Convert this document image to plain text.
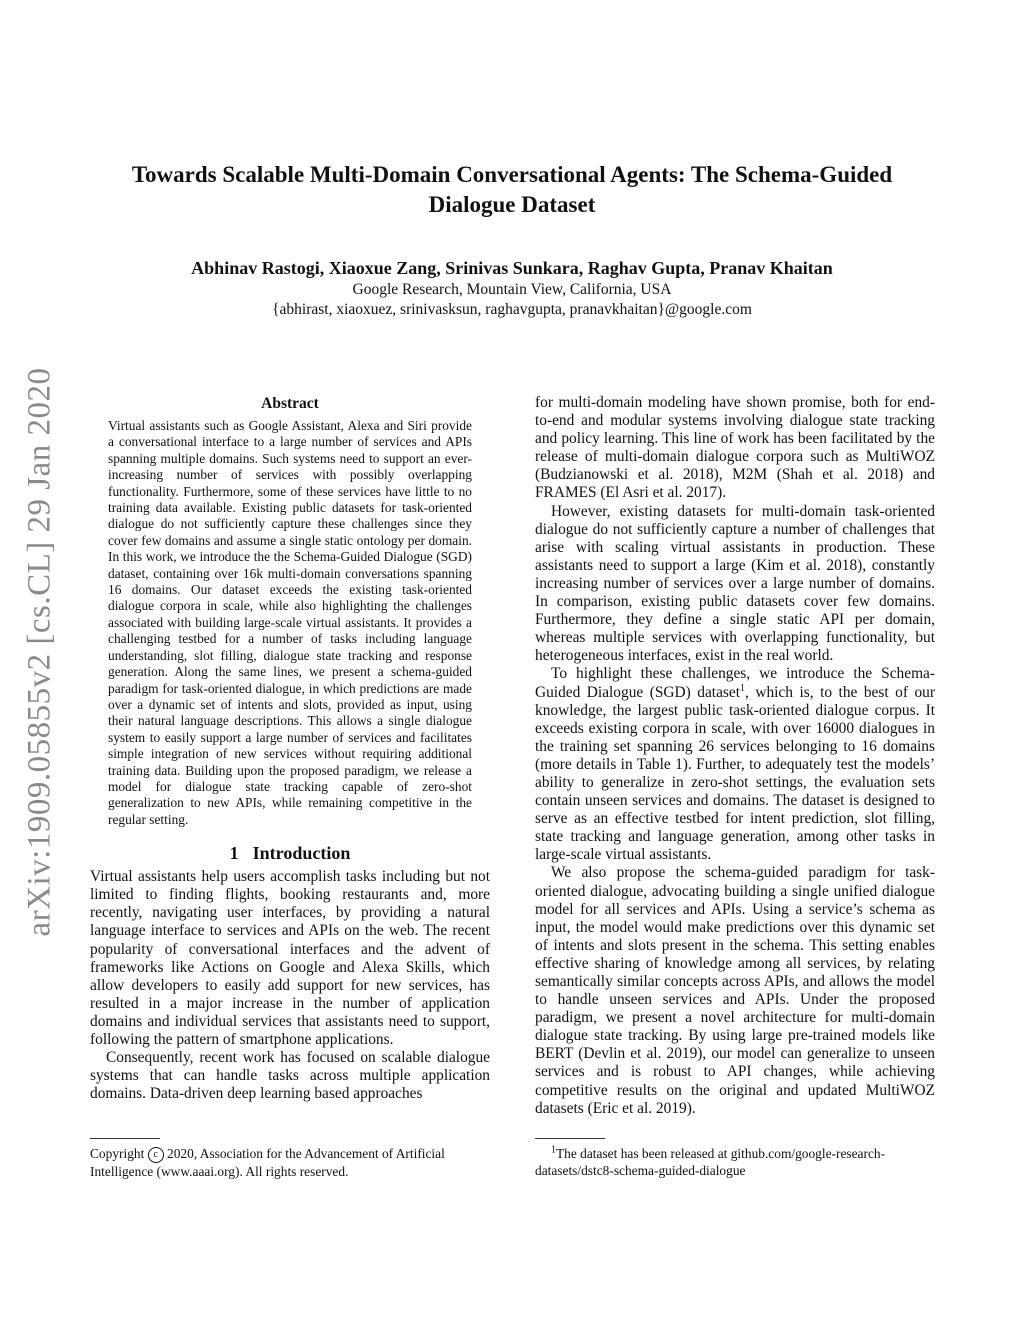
arXiv:1909.05855v2 [cs.CL] 29 Jan 2020
Towards Scalable Multi-Domain Conversational Agents: The Schema-Guided Dialogue Dataset
Abhinav Rastogi, Xiaoxue Zang, Srinivas Sunkara, Raghav Gupta, Pranav Khaitan
Google Research, Mountain View, California, USA
{abhirast, xiaoxuez, srinivasksun, raghavgupta, pranavkhaitan}@google.com
Abstract

Virtual assistants such as Google Assistant, Alexa and Siri provide a conversational interface to a large number of services and APIs spanning multiple domains. Such systems need to support an ever-increasing number of services with possibly overlapping functionality. Furthermore, some of these services have little to no training data available. Existing public datasets for task-oriented dialogue do not sufficiently capture these challenges since they cover few domains and assume a single static ontology per domain. In this work, we introduce the the Schema-Guided Dialogue (SGD) dataset, containing over 16k multi-domain conversations spanning 16 domains. Our dataset exceeds the existing task-oriented dialogue corpora in scale, while also highlighting the challenges associated with building large-scale virtual assistants. It provides a challenging testbed for a number of tasks including language understanding, slot filling, dialogue state tracking and response generation. Along the same lines, we present a schema-guided paradigm for task-oriented dialogue, in which predictions are made over a dynamic set of intents and slots, provided as input, using their natural language descriptions. This allows a single dialogue system to easily support a large number of services and facilitates simple integration of new services without requiring additional training data. Building upon the proposed paradigm, we release a model for dialogue state tracking capable of zero-shot generalization to new APIs, while remaining competitive in the regular setting.

1 Introduction

Virtual assistants help users accomplish tasks including but not limited to finding flights, booking restaurants and, more recently, navigating user interfaces, by providing a natural language interface to services and APIs on the web. The recent popularity of conversational interfaces and the advent of frameworks like Actions on Google and Alexa Skills, which allow developers to easily add support for new services, has resulted in a major increase in the number of application domains and individual services that assistants need to support, following the pattern of smartphone applications.

Consequently, recent work has focused on scalable dialogue systems that can handle tasks across multiple application domains. Data-driven deep learning based approaches

for multi-domain modeling have shown promise, both for end-to-end and modular systems involving dialogue state tracking and policy learning. This line of work has been facilitated by the release of multi-domain dialogue corpora such as MultiWOZ (Budzianowski et al. 2018), M2M (Shah et al. 2018) and FRAMES (El Asri et al. 2017).

However, existing datasets for multi-domain task-oriented dialogue do not sufficiently capture a number of challenges that arise with scaling virtual assistants in production. These assistants need to support a large (Kim et al. 2018), constantly increasing number of services over a large number of domains. In comparison, existing public datasets cover few domains. Furthermore, they define a single static API per domain, whereas multiple services with overlapping functionality, but heterogeneous interfaces, exist in the real world.

To highlight these challenges, we introduce the Schema-Guided Dialogue (SGD) dataset$^1$, which is, to the best of our knowledge, the largest public task-oriented dialogue corpus. It exceeds existing corpora in scale, with over 16000 dialogues in the training set spanning 26 services belonging to 16 domains (more details in Table 1). Further, to adequately test the models’ ability to generalize in zero-shot settings, the evaluation sets contain unseen services and domains. The dataset is designed to serve as an effective testbed for intent prediction, slot filling, state tracking and language generation, among other tasks in large-scale virtual assistants.

We also propose the schema-guided paradigm for task-oriented dialogue, advocating building a single unified dialogue model for all services and APIs. Using a service’s schema as input, the model would make predictions over this dynamic set of intents and slots present in the schema. This setting enables effective sharing of knowledge among all services, by relating semantically similar concepts across APIs, and allows the model to handle unseen services and APIs. Under the proposed paradigm, we present a novel architecture for multi-domain dialogue state tracking. By using large pre-trained models like BERT (Devlin et al. 2019), our model can generalize to unseen services and is robust to API changes, while achieving competitive results on the original and updated MultiWOZ datasets (Eric et al. 2019).

Copyright c 2020, Association for the Advancement of Artificial Intelligence (www.aaai.org). All rights reserved.

$^1$The dataset has been released at github.com/google-research-datasets/dstc8-schema-guided-dialogue
